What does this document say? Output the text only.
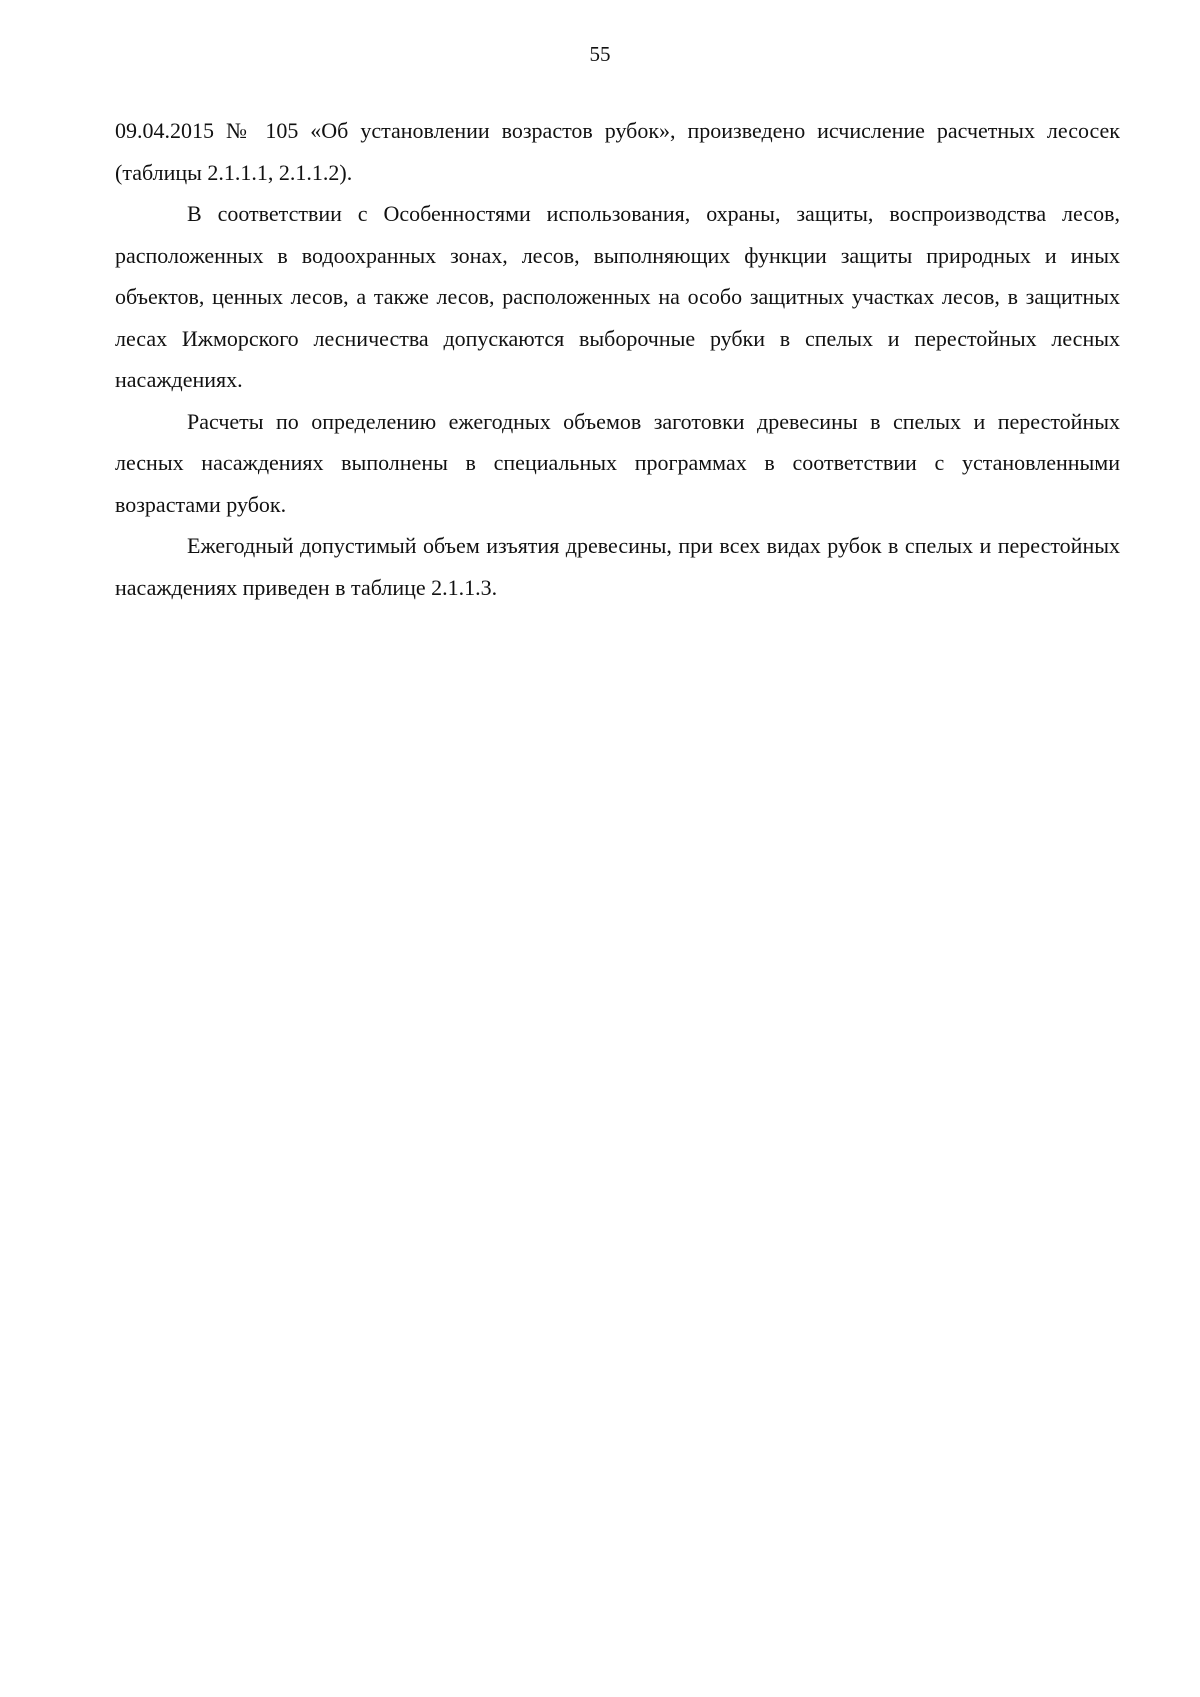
55

09.04.2015 № 105 «Об установлении возрастов рубок», произведено исчисление расчетных лесосек (таблицы 2.1.1.1, 2.1.1.2).

В соответствии с Особенностями использования, охраны, защиты, воспроизводства лесов, расположенных в водоохранных зонах, лесов, выполняющих функции защиты природных и иных объектов, ценных лесов, а также лесов, расположенных на особо защитных участках лесов, в защитных лесах Ижморского лесничества допускаются выборочные рубки в спелых и перестойных лесных насаждениях.

Расчеты по определению ежегодных объемов заготовки древесины в спелых и перестойных лесных насаждениях выполнены в специальных программах в соответствии с установленными возрастами рубок.

Ежегодный допустимый объем изъятия древесины, при всех видах рубок в спелых и перестойных насаждениях приведен в таблице 2.1.1.3.
